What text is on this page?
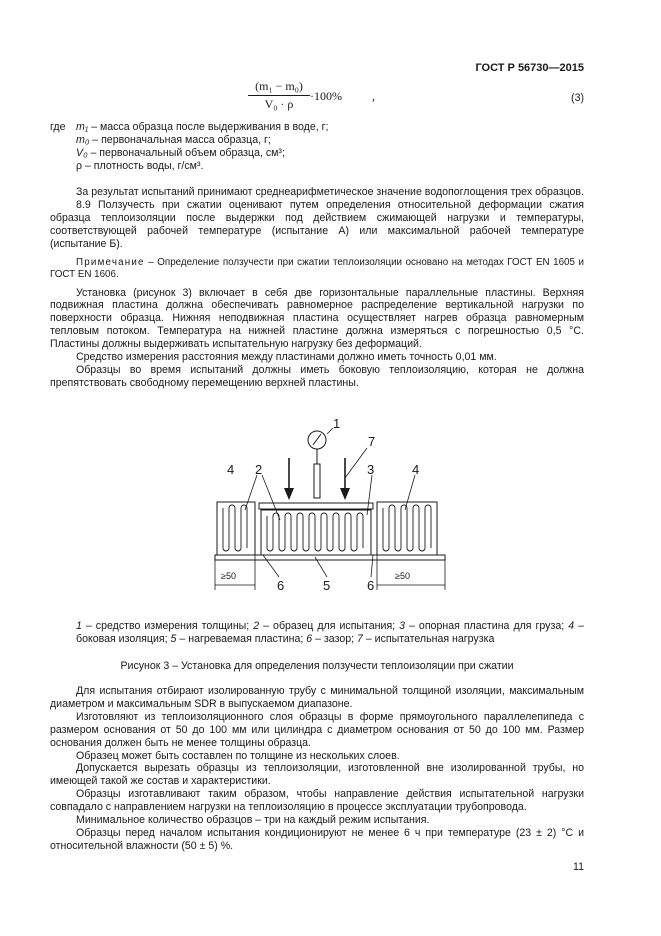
ГОСТ Р 56730—2015
$\frac{\text{(m₁ − m₀)}}{\text{V₀ · ρ}} \cdot 100\%$	,	(3)
где m₁ – масса образца после выдерживания в воде, г;
m₀ – первоначальная масса образца, г;
V₀ – первоначальный объем образца, см³;
ρ – плотность воды, г/см³.

За результат испытаний принимают среднеарифметическое значение водопоглощения трех образцов.

8.9 Ползучесть при сжатии оценивают путем определения относительной деформации сжатия образца теплоизоляции после выдержки под действием сжимающей нагрузки и температуры, соответствующей рабочей температуре (испытание А) или максимальной рабочей температуре (испытание Б).

Примечание – Определение ползучести при сжатии теплоизоляции основано на методах ГОСТ EN 1605 и ГОСТ EN 1606.

Установка (рисунок 3) включает в себя две горизонтальные параллельные пластины. Верхняя подвижная пластина должна обеспечивать равномерное распределение вертикальной нагрузки по поверхности образца. Нижняя неподвижная пластина осуществляет нагрев образца равномерным тепловым потоком. Температура на нижней пластине должна измеряться с погрешностью 0,5 °С. Пластины должны выдерживать испытательную нагрузку без деформаций.

Средство измерения расстояния между пластинами должно иметь точность 0,01 мм.

Образцы во время испытаний должны иметь боковую теплоизоляцию, которая не должна препятствовать свободному перемещению верхней пластины.

1
7
4 2	3	4
6	5	6
≥50	≥50
1 – средство измерения толщины; 2 – образец для испытания; 3 – опорная пластина для груза; 4 – боковая изоляция; 5 – нагреваемая пластина; 6 – зазор; 7 – испытательная нагрузка
Рисунок 3 – Установка для определения ползучести теплоизоляции при сжатии

Для испытания отбирают изолированную трубу с минимальной толщиной изоляции, максимальным диаметром и максимальным SDR в выпускаемом диапазоне.

Изготовляют из теплоизоляционного слоя образцы в форме прямоугольного параллелепипеда с размером основания от 50 до 100 мм или цилиндра с диаметром основания от 50 до 100 мм. Размер основания должен быть не менее толщины образца.

Образец может быть составлен по толщине из нескольких слоев.

Допускается вырезать образцы из теплоизоляции, изготовленной вне изолированной трубы, но имеющей такой же состав и характеристики.

Образцы изготавливают таким образом, чтобы направление действия испытательной нагрузки совпадало с направлением нагрузки на теплоизоляцию в процессе эксплуатации трубопровода.

Минимальное количество образцов – три на каждый режим испытания.

Образцы перед началом испытания кондиционируют не менее 6 ч при температуре (23 ± 2) °С и относительной влажности (50 ± 5) %.

11
